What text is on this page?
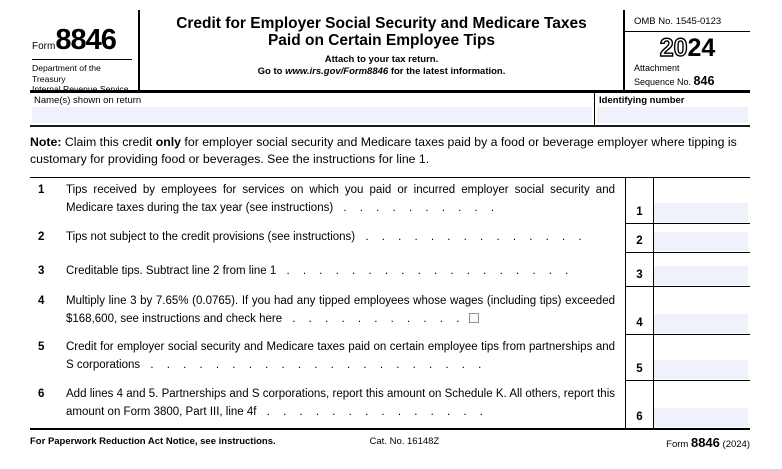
Form8846
Department of the Treasury
Internal Revenue Service
Credit for Employer Social Security and Medicare Taxes
Paid on Certain Employee Tips
Attach to your tax return.
Go to www.irs.gov/Form8846 for the latest information.
OMB No. 1545-0123
2024
Attachment
Sequence No. 846
Name(s) shown on return	Identifying number
Note: Claim this credit only for employer social security and Medicare taxes paid by a food or beverage employer where tipping is customary for providing food or beverages. See the instructions for line 1.
1 Tips received by employees for services on which you paid or incurred employer social security and Medicare taxes during the tax year (see instructions) . . . . . . . . . .	1
2 Tips not subject to the credit provisions (see instructions) . . . . . . . . . . . . . .	2
3 Creditable tips. Subtract line 2 from line 1 . . . . . . . . . . . . . . . . . .	3
4 Multiply line 3 by 7.65% (0.0765). If you had any tipped employees whose wages (including tips) exceeded $168,600, see instructions and check here . . . . . . . . . . .	4
5 Credit for employer social security and Medicare taxes paid on certain employee tips from partnerships and S corporations . . . . . . . . . . . . . . . . . . . . .	5
6 Add lines 4 and 5. Partnerships and S corporations, report this amount on Schedule K. All others, report this amount on Form 3800, Part III, line 4f . . . . . . . . . . . . . .	6
For Paperwork Reduction Act Notice, see instructions.	Cat. No. 16148Z	Form 8846 (2024)
